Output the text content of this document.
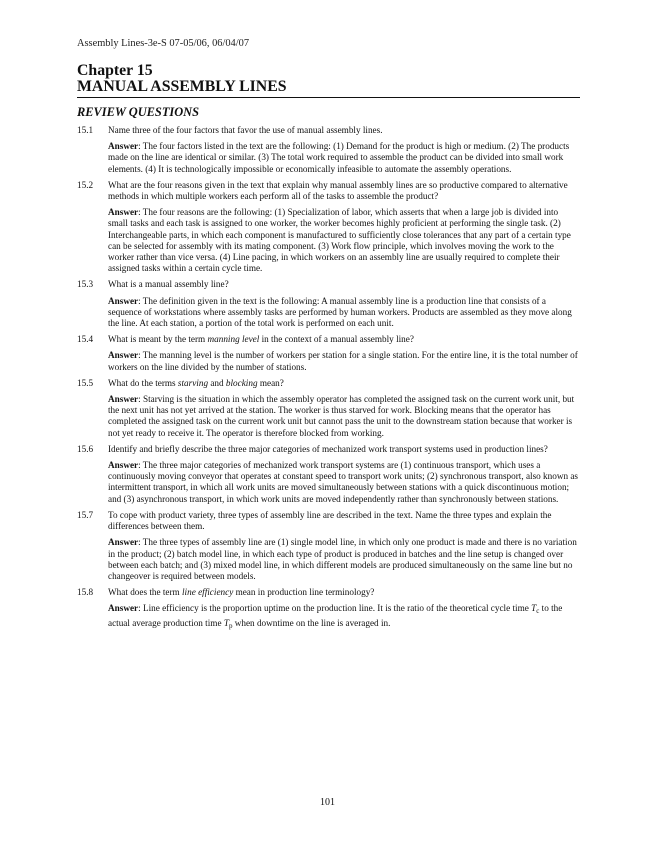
Assembly Lines-3e-S 07-05/06, 06/04/07
Chapter 15
MANUAL ASSEMBLY LINES
REVIEW QUESTIONS
15.1 Name three of the four factors that favor the use of manual assembly lines.
Answer: The four factors listed in the text are the following: (1) Demand for the product is high or medium. (2) The products made on the line are identical or similar. (3) The total work required to assemble the product can be divided into small work elements. (4) It is technologically impossible or economically infeasible to automate the assembly operations.
15.2 What are the four reasons given in the text that explain why manual assembly lines are so productive compared to alternative methods in which multiple workers each perform all of the tasks to assemble the product?
Answer: The four reasons are the following: (1) Specialization of labor, which asserts that when a large job is divided into small tasks and each task is assigned to one worker, the worker becomes highly proficient at performing the single task. (2) Interchangeable parts, in which each component is manufactured to sufficiently close tolerances that any part of a certain type can be selected for assembly with its mating component. (3) Work flow principle, which involves moving the work to the worker rather than vice versa. (4) Line pacing, in which workers on an assembly line are usually required to complete their assigned tasks within a certain cycle time.
15.3 What is a manual assembly line?
Answer: The definition given in the text is the following: A manual assembly line is a production line that consists of a sequence of workstations where assembly tasks are performed by human workers. Products are assembled as they move along the line. At each station, a portion of the total work is performed on each unit.
15.4 What is meant by the term manning level in the context of a manual assembly line?
Answer: The manning level is the number of workers per station for a single station. For the entire line, it is the total number of workers on the line divided by the number of stations.
15.5 What do the terms starving and blocking mean?
Answer: Starving is the situation in which the assembly operator has completed the assigned task on the current work unit, but the next unit has not yet arrived at the station. The worker is thus starved for work. Blocking means that the operator has completed the assigned task on the current work unit but cannot pass the unit to the downstream station because that worker is not yet ready to receive it. The operator is therefore blocked from working.
15.6 Identify and briefly describe the three major categories of mechanized work transport systems used in production lines?
Answer: The three major categories of mechanized work transport systems are (1) continuous transport, which uses a continuously moving conveyor that operates at constant speed to transport work units; (2) synchronous transport, also known as intermittent transport, in which all work units are moved simultaneously between stations with a quick discontinuous motion; and (3) asynchronous transport, in which work units are moved independently rather than synchronously between stations.
15.7 To cope with product variety, three types of assembly line are described in the text. Name the three types and explain the differences between them.
Answer: The three types of assembly line are (1) single model line, in which only one product is made and there is no variation in the product; (2) batch model line, in which each type of product is produced in batches and the line setup is changed over between each batch; and (3) mixed model line, in which different models are produced simultaneously on the same line but no changeover is required between models.
15.8 What does the term line efficiency mean in production line terminology?
Answer: Line efficiency is the proportion uptime on the production line. It is the ratio of the theoretical cycle time $T_c$ to the actual average production time $T_p$ when downtime on the line is averaged in.
101
